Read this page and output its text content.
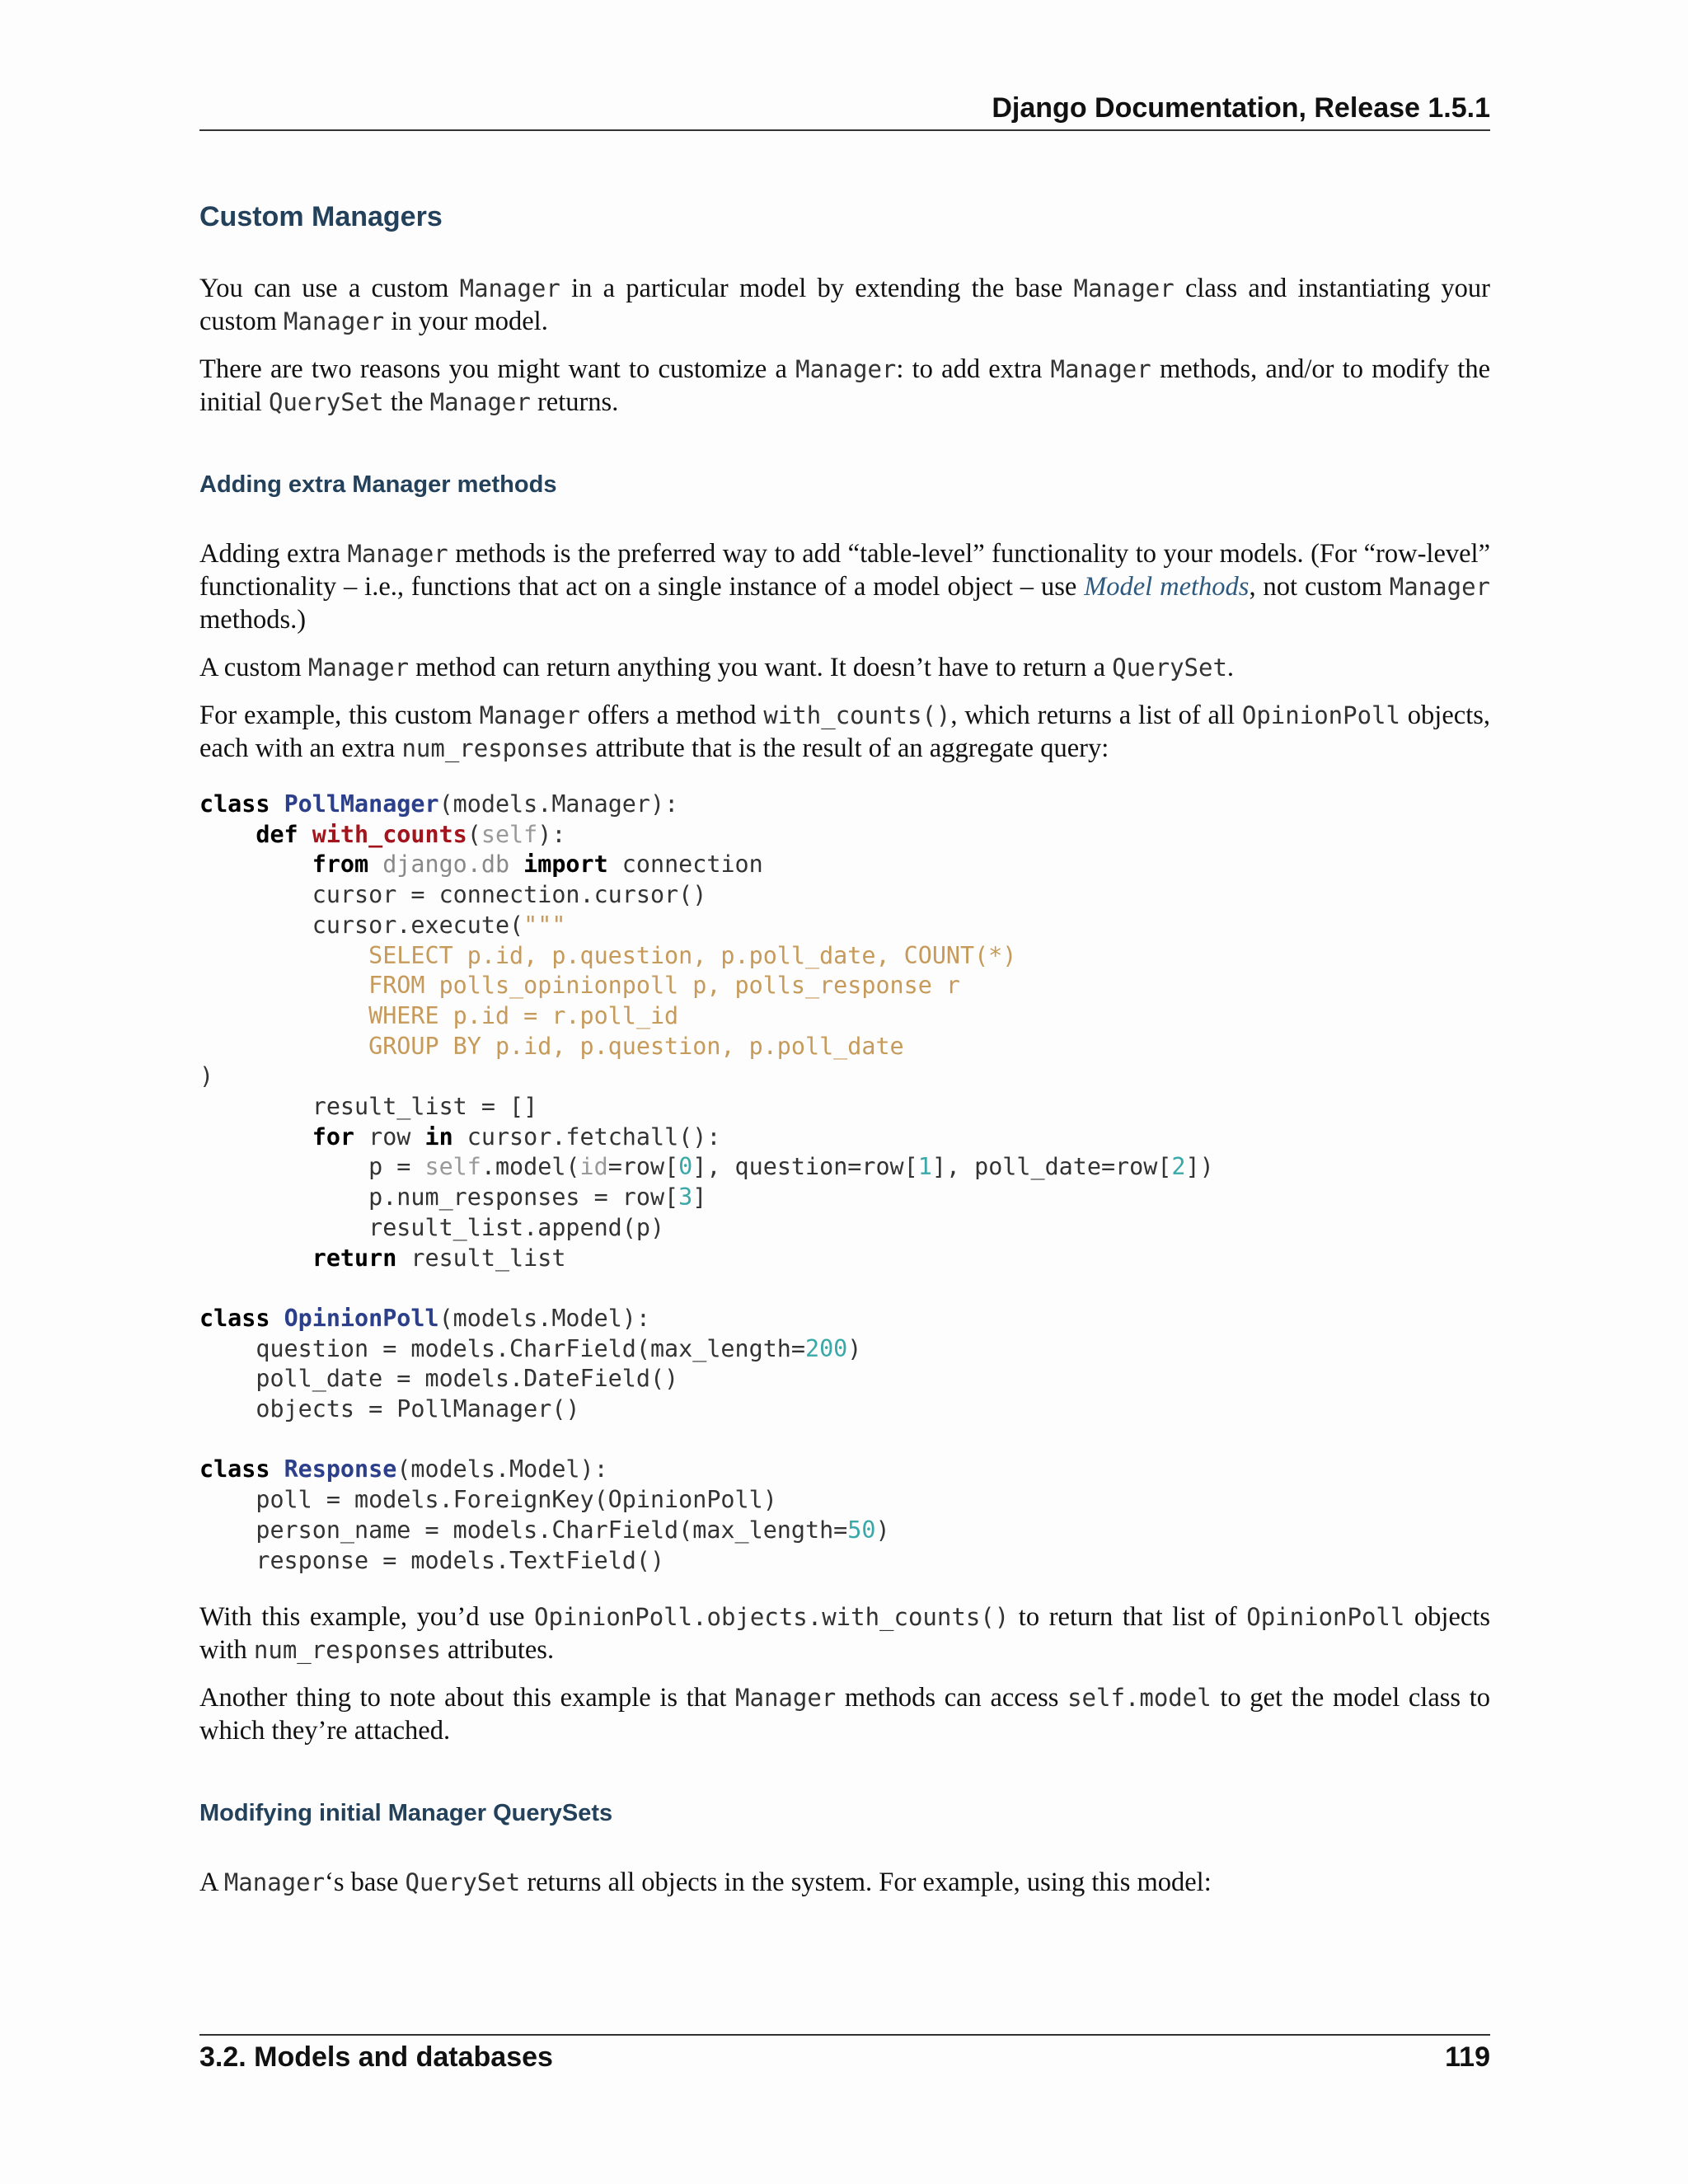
Django Documentation, Release 1.5.1
Custom Managers

You can use a custom Manager in a particular model by extending the base Manager class and instantiating your custom Manager in your model.

There are two reasons you might want to customize a Manager: to add extra Manager methods, and/or to modify the initial QuerySet the Manager returns.

Adding extra Manager methods

Adding extra Manager methods is the preferred way to add “table-level” functionality to your models. (For “row-level” functionality – i.e., functions that act on a single instance of a model object – use Model methods, not custom Manager methods.)

A custom Manager method can return anything you want. It doesn’t have to return a QuerySet.

For example, this custom Manager offers a method with_counts(), which returns a list of all OpinionPoll objects, each with an extra num_responses attribute that is the result of an aggregate query:

class PollManager(models.Manager):
def with_counts(self):
from django.db import connection
cursor = connection.cursor()
cursor.execute("""
SELECT p.id, p.question, p.poll_date, COUNT(*)
FROM polls_opinionpoll p, polls_response r
WHERE p.id = r.poll_id
GROUP BY p.id, p.question, p.poll_date
)
result_list = []
for row in cursor.fetchall():
p = self.model(id=row[0], question=row[1], poll_date=row[2])
p.num_responses = row[3]
result_list.append(p)
return result_list

class OpinionPoll(models.Model):
question = models.CharField(max_length=200)
poll_date = models.DateField()
objects = PollManager()

class Response(models.Model):
poll = models.ForeignKey(OpinionPoll)
person_name = models.CharField(max_length=50)
response = models.TextField()

With this example, you’d use OpinionPoll.objects.with_counts() to return that list of OpinionPoll objects with num_responses attributes.

Another thing to note about this example is that Manager methods can access self.model to get the model class to which they’re attached.

Modifying initial Manager QuerySets

A Manager‘s base QuerySet returns all objects in the system. For example, using this model:

3.2. Models and databases	119
